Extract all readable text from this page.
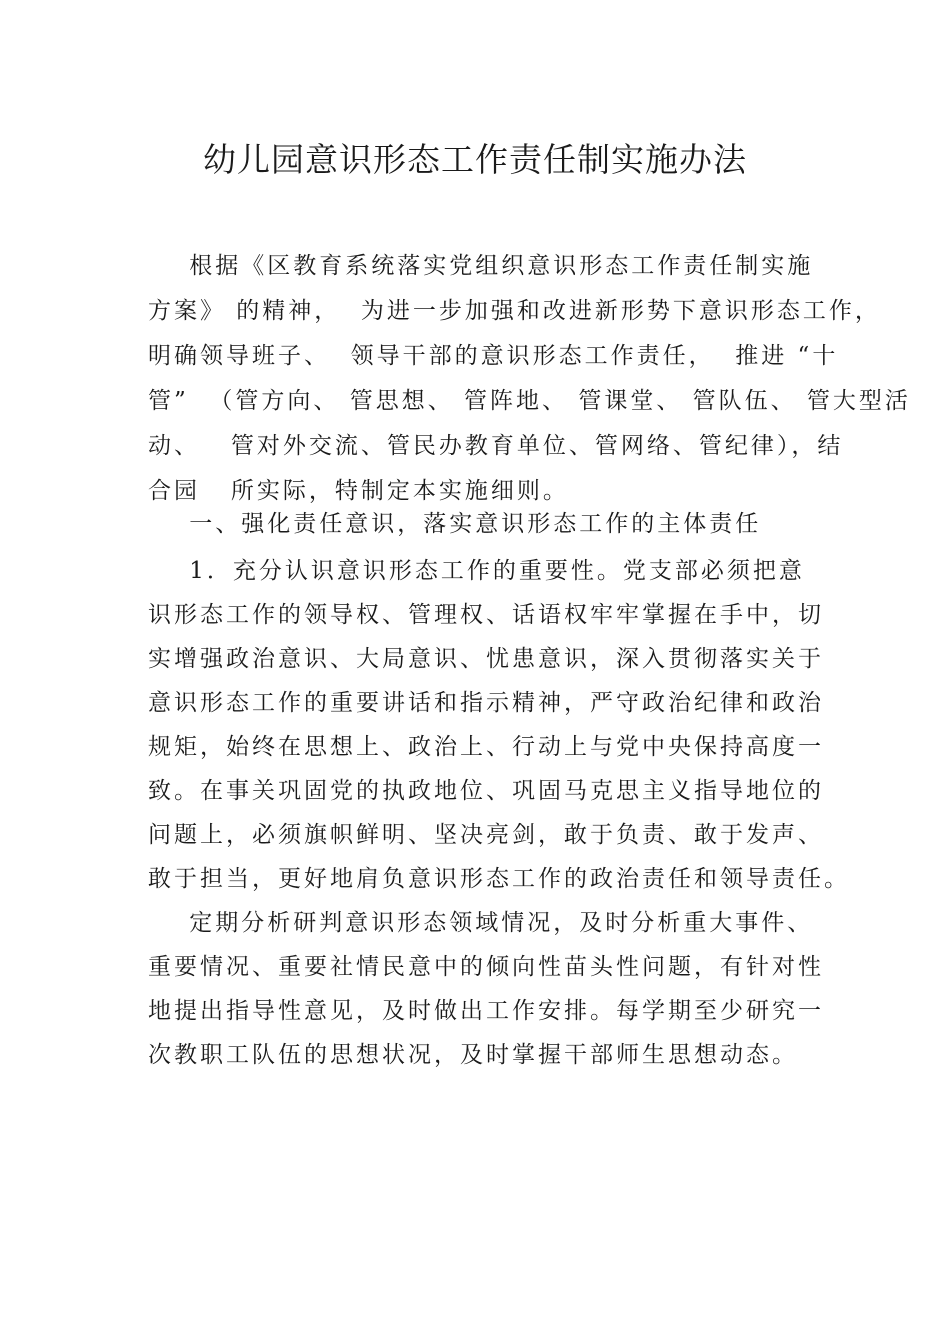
幼儿园意识形态工作责任制实施办法
根据《区教育系统落实党组织意识形态工作责任制实施
方案》 的精神，  为进一步加强和改进新形势下意识形态工作，
明确领导班子、  领导干部的意识形态工作责任，  推进 “十
管”  （管方向、 管思想、 管阵地、 管课堂、 管队伍、 管大型活
动、   管对外交流、管民办教育单位、管网络、管纪律），结
合园   所实际，特制定本实施细则。
一、强化责任意识，落实意识形态工作的主体责任
1．充分认识意识形态工作的重要性。党支部必须把意
识形态工作的领导权、管理权、话语权牢牢掌握在手中，切
实增强政治意识、大局意识、忧患意识，深入贯彻落实关于
意识形态工作的重要讲话和指示精神，严守政治纪律和政治
规矩，始终在思想上、政治上、行动上与党中央保持高度一
致。在事关巩固党的执政地位、巩固马克思主义指导地位的
问题上，必须旗帜鲜明、坚决亮剑，敢于负责、敢于发声、
敢于担当，更好地肩负意识形态工作的政治责任和领导责任。
定期分析研判意识形态领域情况，及时分析重大事件、
重要情况、重要社情民意中的倾向性苗头性问题，有针对性
地提出指导性意见，及时做出工作安排。每学期至少研究一
次教职工队伍的思想状况，及时掌握干部师生思想动态。
